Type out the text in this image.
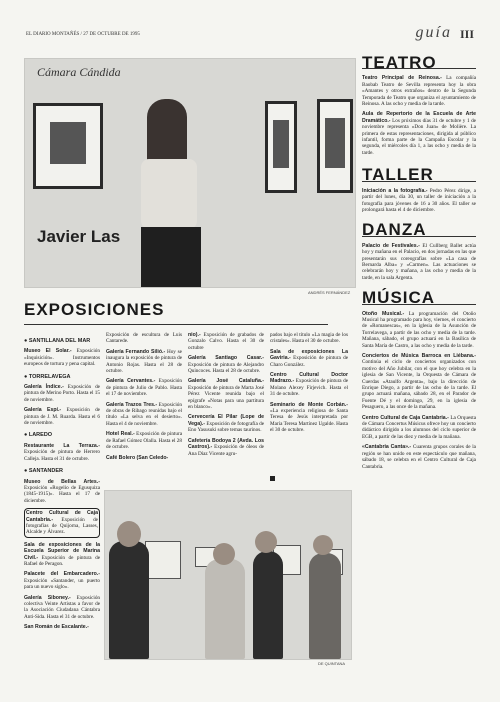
EL DIARIO MONTAÑÉS / 27 DE OCTUBRE DE 1995	guía III
Cámara Cándida
Javier Las
ANDRÉS FERNÁNDEZ
EXPOSICIONES
● SANTILLANA DEL MAR

Museo El Solar.- Exposición «Inquisición». Instrumentos europeos de tortura y pena capital.

● TORRELAVEGA

Galería Índice.- Exposición de pintura de Merino Porto. Hasta el 15 de noviembre.

Galería Espí.- Exposición de pintura de J. M. Ruarda. Hasta el 6 de noviembre.

● LAREDO

Restaurante La Terraza.- Exposición de pintura de Herrero Calleja. Hasta el 31 de octubre.

● SANTANDER

Museo de Bellas Artes.- Exposición «Rogelio de Egusquiza (1845-1915)». Hasta el 17 de diciembre.

Centro Cultural de Caja Cantabria.- Exposición de fotografías de Quijorna, Lasses, Alcalde y Álvarez.

Sala de exposiciones de la Escuela Superior de Marina Civil.- Exposición de pintura de Rafael de Peragon.

Palacete del Embarcadero.- Exposición «Santander, un puerto para un nuevo siglo».

Galería Siboney.- Exposición colectiva Veinte Artistas a favor de la Asociación Ciudadana Cántabra Anti-Sida. Hasta el 31 de octubre.

San Román de Escalante.-

Exposición de escultura de Luis Cantarede.

Galería Fernando Silió.- Hoy se inaugura la exposición de pintura de Antonio Rojas. Hasta el 28 de octubre.

Galería Cervantes.- Exposición de pintura de Julio de Pablo. Hasta el 17 de noviembre.

Galería Trazos Tres.- Exposición de obras de Ribago reunidas bajo el título «La selva en el desierto». Hasta el 4 de noviembre.

Hotel Real.- Exposición de pintura de Rafael Gómez Olalla. Hasta el 28 de octubre.

Café Bolero (San Celedo-

nio).- Exposición de grabados de Gonzalo Calvo. Hasta el 30 de octubre

Galería Santiago Casar.- Exposición de pintura de Alejandro Quincoces. Hasta el 28 de octubre.

Galería José Cataluña.- Exposición de pintura de Marta José Pérez Vicente reunida bajo el epígrafe «Notas para una partitura en blanco».

Cervecería El Pilar (Lope de Vega).- Exposición de fotografía de Eno Yasusuki sobre temas taurinos.

Cafetería Bodoya 2 (Avda. Los Castros).- Exposición de óleos de Ana Díaz Vicente agru-

pados bajo el título «La magia de los cristales». Hasta el 30 de octubre.

Sala de exposiciones La Gaviria.- Exposición de pintura de Charo González.

Centro Cultural Doctor Madrazo.- Exposición de pintura de Molano Alexey Firjevich. Hasta el 31 de octubre.

Seminario de Monte Corbán.- «La experiencia religiosa de Santa Teresa de Jesús interpretada por María Teresa Martínez Ugalde. Hasta el 30 de octubre.

DE QUINTANA
TEATRO

Teatro Principal de Reinosa.- La compañía Baobab Teatro de Sevilla representa hoy la obra «Amantes y otros extraños» dentro de la Segunda Temporada de Teatro que organiza el ayuntamiento de Reinosa. A las ocho y media de la tarde.

Aula de Repertorio de la Escuela de Arte Dramático.- Los próximos días 31 de octubre y 1 de noviembre representa «Don Juan» de Molière. La primera de estas representaciones, dirigida al público infantil, forma parte de la Campaña Escolar y la segunda, el miércoles día 1, a las ocho y media de la tarde.

TALLER

Iniciación a la fotografía.- Pedro Pérez dirige, a partir del lunes, día 30, un taller de iniciación a la fotografía para jóvenes de 16 a 30 años. El taller se prolongará hasta el 4 de diciembre.

DANZA

Palacio de Festivales.- El Cullberg Ballet actúa hoy y mañana en el Palacio, en dos jornadas en las que presentarán sus coreografías sobre «La casa de Bernarda Alba» y «Carmen». Las actuaciones se celebrarán hoy y mañana, a las ocho y media de la tarde, en la sala Argenta.

MÚSICA

Otoño Musical.- La programación del Otoño Musical ha programado para hoy, viernes, el concierto de «Romanescas», en la iglesia de la Asunción de Torrelavega, a partir de las ocho y media de la tarde. Mañana, sábado, el grupo actuará en la Basílica de Santa María de Castro, a las ocho y media de la tarde.

Conciertos de Música Barroca en Liébana.- Continúa el ciclo de conciertos organizados con motivo del Año Jubilar, con el que hoy celebra en la iglesia de San Vicente, la Orquesta de Cámara de Cuerdas «Ataulfo Argenta», bajo la dirección de Enrique Diego, a partir de las ocho de la tarde. El grupo actuará mañana, sábado 28, en el Parador de Fuente Dé y el domingo, 29, en la iglesia de Pesaguero, a las once de la mañana.

Centro Cultural de Caja Cantabria.- La Orquesta de Cámara Concertus Músicus ofrece hoy un concierto didáctico dirigido a los alumnos del ciclo superior de EGB, a partir de las diez y media de la mañana.

«Cantabria Canta».- Cuarenta grupos corales de la región se han unido en este espectáculo que mañana, sábado 18, se celebra en el Centro Cultural de Caja Cantabria.
